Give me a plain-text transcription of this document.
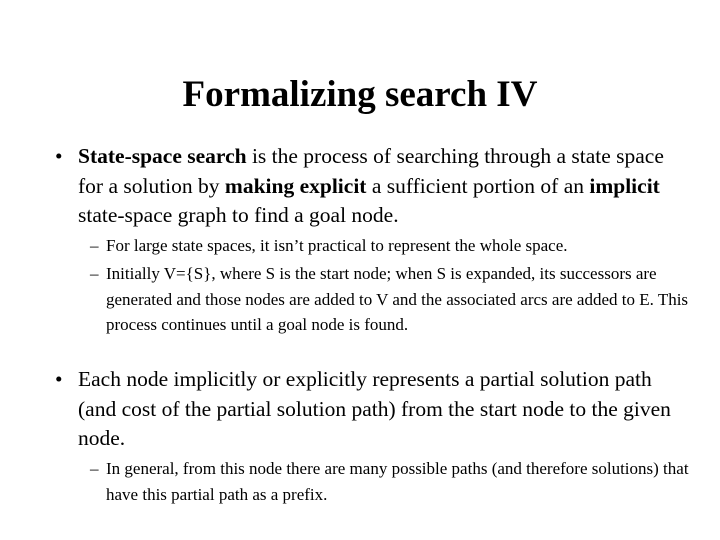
Formalizing search IV
• State-space search is the process of searching through a state space for a solution by making explicit a sufficient portion of an implicit state-space graph to find a goal node.
– For large state spaces, it isn’t practical to represent the whole space.
– Initially V={S}, where S is the start node; when S is expanded, its successors are generated and those nodes are added to V and the associated arcs are added to E. This process continues until a goal node is found.
• Each node implicitly or explicitly represents a partial solution path (and cost of the partial solution path) from the start node to the given node.
– In general, from this node there are many possible paths (and therefore solutions) that have this partial path as a prefix.
